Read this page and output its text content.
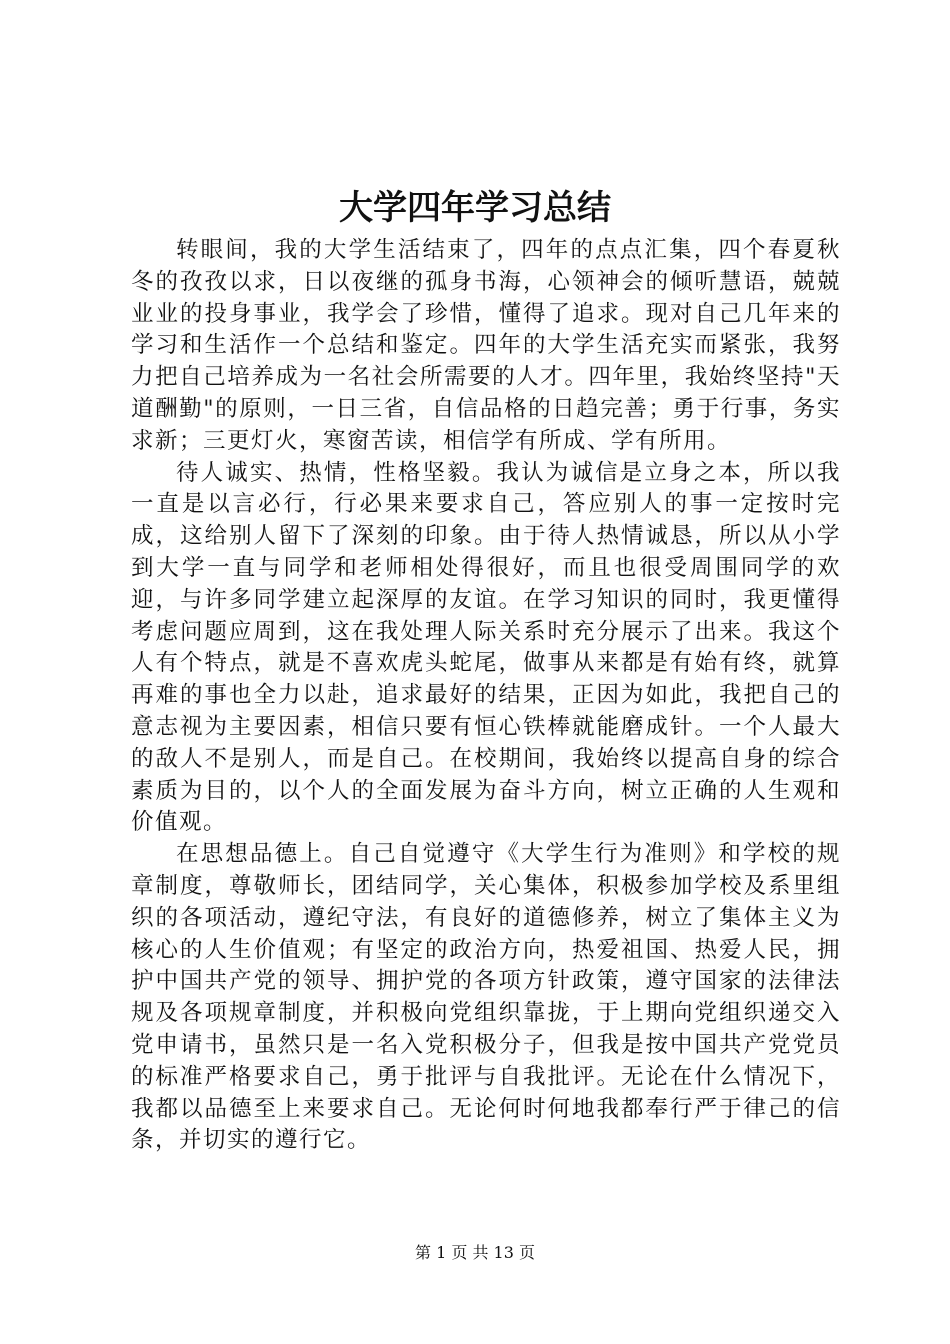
大学四年学习总结

转眼间，我的大学生活结束了，四年的点点汇集，四个春夏秋冬的孜孜以求，日以夜继的孤身书海，心领神会的倾听慧语，兢兢业业的投身事业，我学会了珍惜，懂得了追求。现对自己几年来的学习和生活作一个总结和鉴定。四年的大学生活充实而紧张，我努力把自己培养成为一名社会所需要的人才。四年里，我始终坚持"天道酬勤"的原则，一日三省，自信品格的日趋完善；勇于行事，务实求新；三更灯火，寒窗苦读，相信学有所成、学有所用。

待人诚实、热情，性格坚毅。我认为诚信是立身之本，所以我一直是以言必行，行必果来要求自己，答应别人的事一定按时完成，这给别人留下了深刻的印象。由于待人热情诚恳，所以从小学到大学一直与同学和老师相处得很好，而且也很受周围同学的欢迎，与许多同学建立起深厚的友谊。在学习知识的同时，我更懂得考虑问题应周到，这在我处理人际关系时充分展示了出来。我这个人有个特点，就是不喜欢虎头蛇尾，做事从来都是有始有终，就算再难的事也全力以赴，追求最好的结果，正因为如此，我把自己的意志视为主要因素，相信只要有恒心铁棒就能磨成针。一个人最大的敌人不是别人，而是自己。在校期间，我始终以提高自身的综合素质为目的，以个人的全面发展为奋斗方向，树立正确的人生观和价值观。

在思想品德上。自己自觉遵守《大学生行为准则》和学校的规章制度，尊敬师长，团结同学，关心集体，积极参加学校及系里组织的各项活动，遵纪守法，有良好的道德修养，树立了集体主义为核心的人生价值观；有坚定的政治方向，热爱祖国、热爱人民，拥护中国共产党的领导、拥护党的各项方针政策，遵守国家的法律法规及各项规章制度，并积极向党组织靠拢，于上期向党组织递交入党申请书，虽然只是一名入党积极分子，但我是按中国共产党党员的标准严格要求自己，勇于批评与自我批评。无论在什么情况下，我都以品德至上来要求自己。无论何时何地我都奉行严于律己的信条，并切实的遵行它。

第 1 页 共 13 页
